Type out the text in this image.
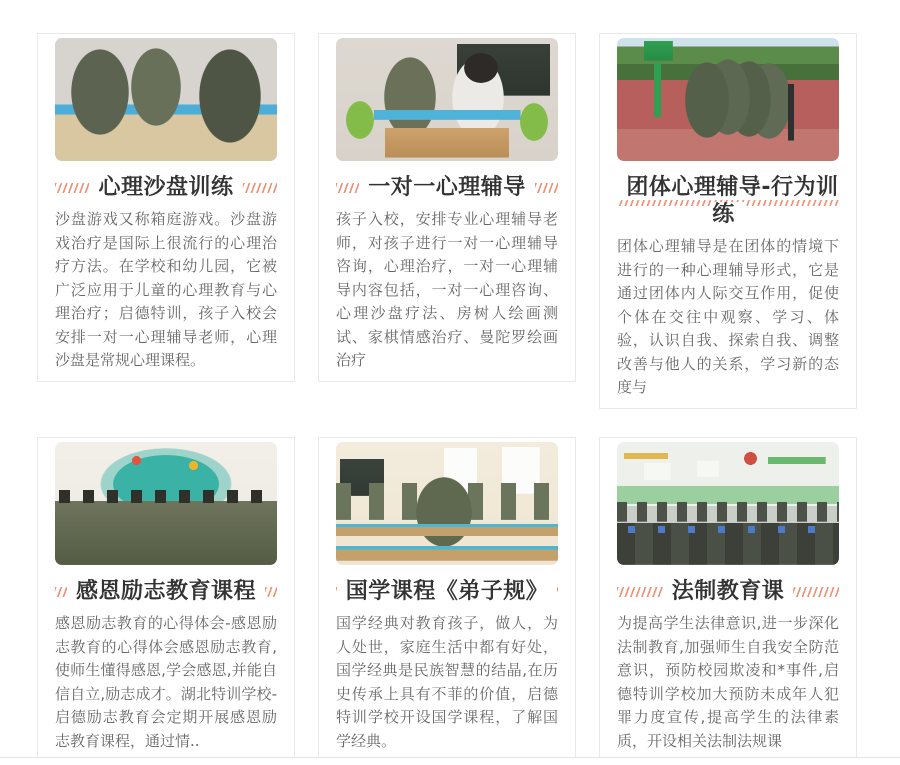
心理沙盘训练

沙盘游戏又称箱庭游戏。沙盘游戏治疗是国际上很流行的心理治疗方法。在学校和幼儿园，它被广泛应用于儿童的心理教育与心理治疗；启德特训，孩子入校会安排一对一心理辅导老师，心理沙盘是常规心理课程。

一对一心理辅导

孩子入校，安排专业心理辅导老师，对孩子进行一对一心理辅导咨询，心理治疗，一对一心理辅导内容包括，一对一心理咨询、心理沙盘疗法、房树人绘画测试、家棋情感治疗、曼陀罗绘画治疗

团体心理辅导-行为训练

团体心理辅导是在团体的情境下进行的一种心理辅导形式，它是通过团体内人际交互作用，促使个体在交往中观察、学习、体验，认识自我、探索自我、调整改善与他人的关系，学习新的态度与

感恩励志教育课程

感恩励志教育的心得体会-感恩励志教育的心得体会感恩励志教育,使师生懂得感恩,学会感恩,并能自信自立,励志成才。湖北特训学校-启德励志教育会定期开展感恩励志教育课程，通过情..

国学课程《弟子规》

国学经典对教育孩子，做人，为人处世，家庭生活中都有好处，国学经典是民族智慧的结晶,在历史传承上具有不菲的价值，启德特训学校开设国学课程，了解国学经典。

法制教育课

为提高学生法律意识,进一步深化法制教育,加强师生自我安全防范意识，预防校园欺凌和*事件,启德特训学校加大预防未成年人犯罪力度宣传,提高学生的法律素质，开设相关法制法规课
